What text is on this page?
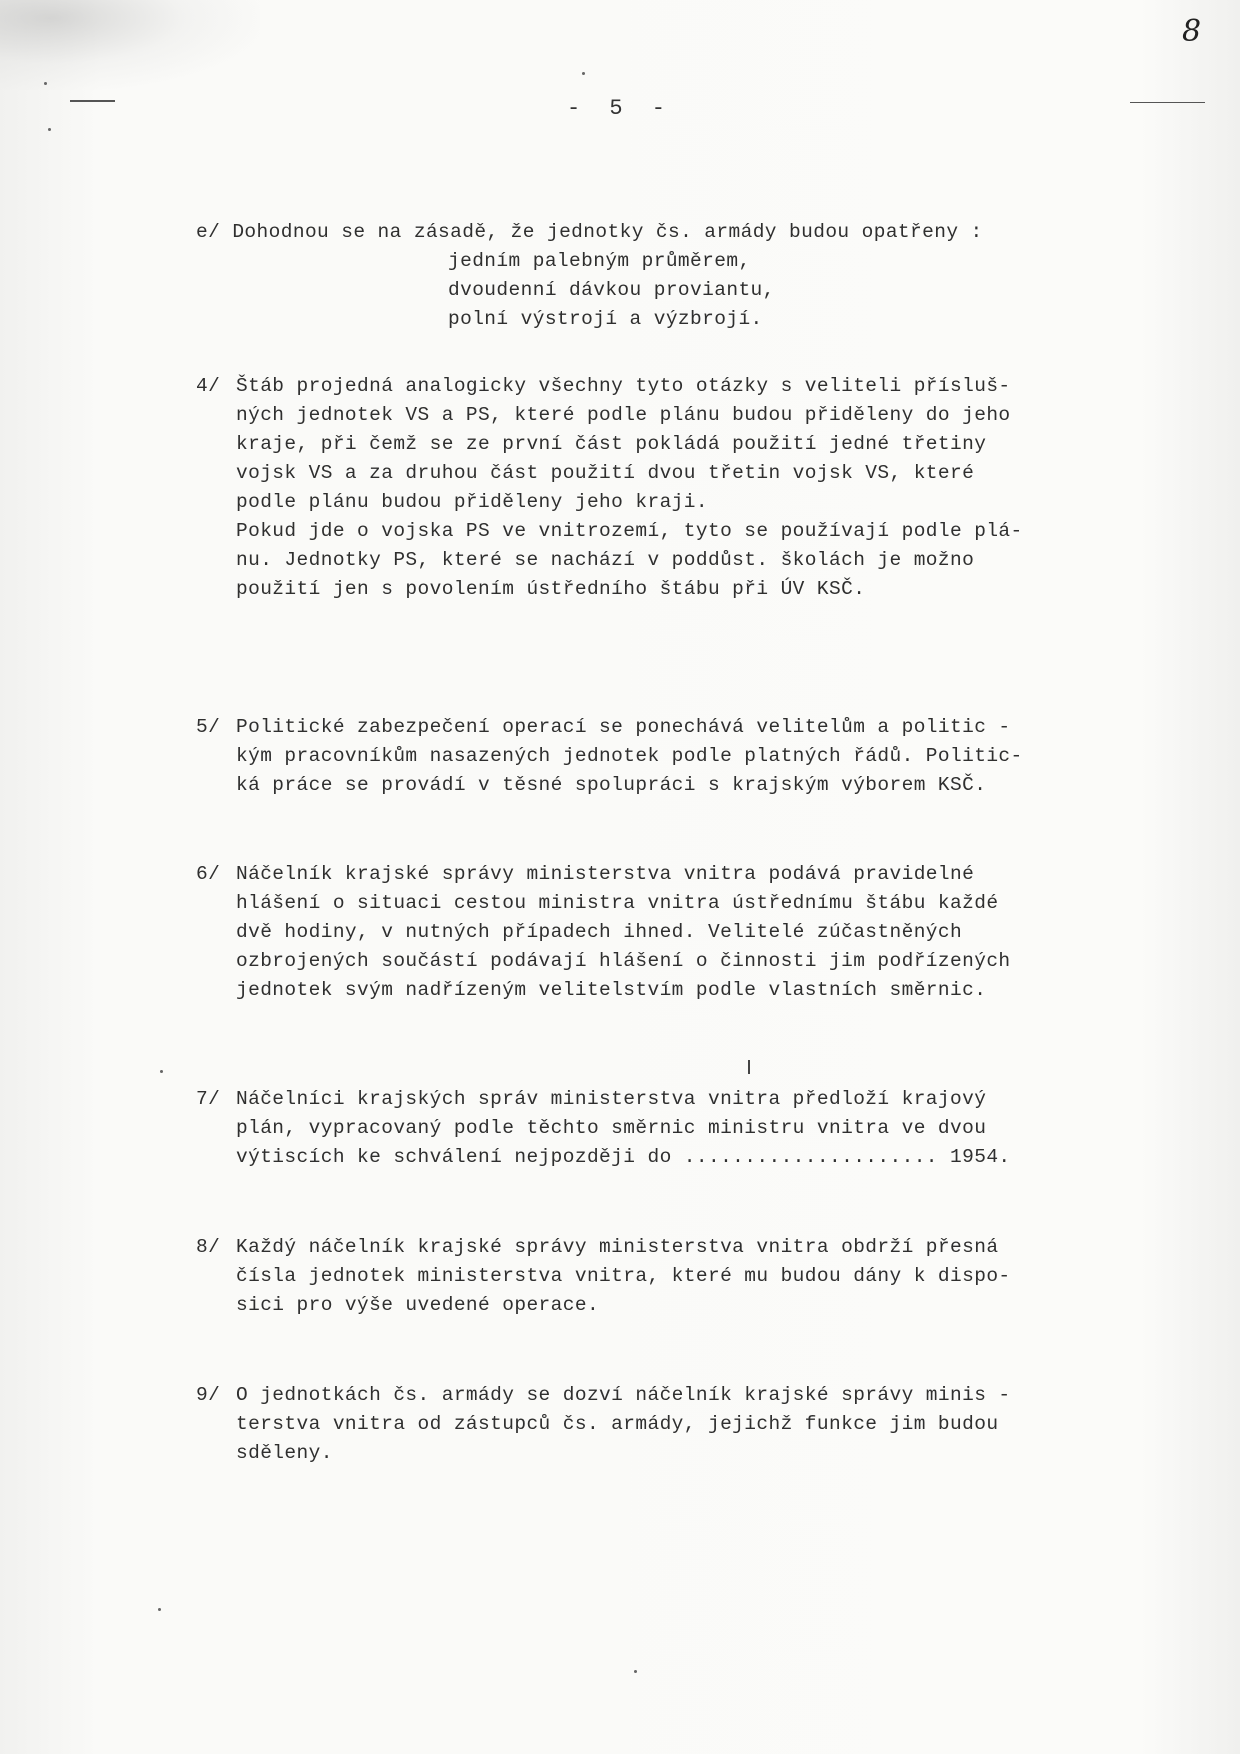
- 5 -
8
e/ Dohodnou se na zásadě, že jednotky čs. armády budou opatřeny :
jedním palebným průměrem,
dvoudenní dávkou proviantu,
polní výstrojí a výzbrojí.
4/ Štáb projedná analogicky všechny tyto otázky s veliteli přísluš-
ných jednotek VS a PS, které podle plánu budou přiděleny do jeho
kraje, při čemž se ze první část pokládá použití jedné třetiny
vojsk VS a za druhou část použití dvou třetin vojsk VS, které
podle plánu budou přiděleny jeho kraji.
Pokud jde o vojska PS ve vnitrozemí, tyto se používají podle plá-
nu. Jednotky PS, které se nachází v poddůst. školách je možno
použití jen s povolením ústředního štábu při ÚV KSČ.
5/ Politické zabezpečení operací se ponechává velitelům a politic -
kým pracovníkům nasazených jednotek podle platných řádů. Politic-
ká práce se provádí v těsné spolupráci s krajským výborem KSČ.
6/ Náčelník krajské správy ministerstva vnitra podává pravidelné
hlášení o situaci cestou ministra vnitra ústřednímu štábu každé
dvě hodiny, v nutných případech ihned. Velitelé zúčastněných
ozbrojených součástí podávají hlášení o činnosti jim podřízených
jednotek svým nadřízeným velitelstvím podle vlastních směrnic.
7/ Náčelníci krajských správ ministerstva vnitra předloží krajový
plán, vypracovaný podle těchto směrnic ministru vnitra ve dvou
výtiscích ke schválení nejpozději do ..................... 1954.
8/ Každý náčelník krajské správy ministerstva vnitra obdrží přesná
čísla jednotek ministerstva vnitra, které mu budou dány k dispo-
sici pro výše uvedené operace.
9/ O jednotkách čs. armády se dozví náčelník krajské správy minis -
terstva vnitra od zástupců čs. armády, jejichž funkce jim budou
sděleny.
